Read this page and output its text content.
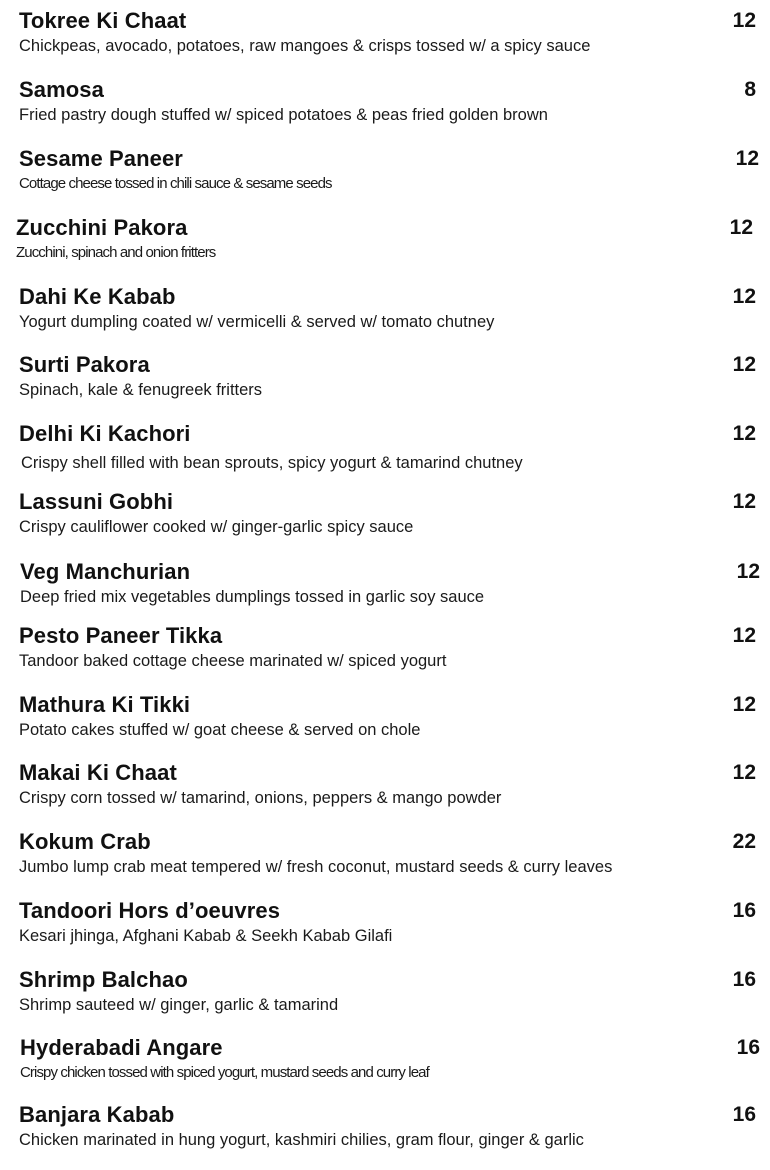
Tokree Ki Chaat	12
Chickpeas, avocado, potatoes, raw mangoes & crisps tossed w/ a spicy sauce
Samosa	8
Fried pastry dough stuffed w/ spiced potatoes & peas fried golden brown
Sesame Paneer	12
Cottage cheese tossed in chili sauce & sesame seeds
Zucchini Pakora	12
Zucchini, spinach and onion fritters
Dahi Ke Kabab	12
Yogurt dumpling coated w/ vermicelli & served w/ tomato chutney
Surti Pakora	12
Spinach, kale & fenugreek fritters
Delhi Ki Kachori	12
Crispy shell filled with bean sprouts, spicy yogurt & tamarind chutney
Lassuni Gobhi	12
Crispy cauliflower cooked w/ ginger-garlic spicy sauce
Veg Manchurian	12
Deep fried mix vegetables dumplings tossed in garlic soy sauce
Pesto Paneer Tikka	12
Tandoor baked cottage cheese marinated w/ spiced yogurt
Mathura Ki Tikki	12
Potato cakes stuffed w/ goat cheese & served on chole
Makai Ki Chaat	12
Crispy corn tossed w/ tamarind, onions, peppers & mango powder
Kokum Crab	22
Jumbo lump crab meat tempered w/ fresh coconut, mustard seeds & curry leaves
Tandoori Hors d’oeuvres	16
Kesari jhinga, Afghani Kabab & Seekh Kabab Gilafi
Shrimp Balchao	16
Shrimp sauteed w/ ginger, garlic & tamarind
Hyderabadi Angare	16
Crispy chicken tossed with spiced yogurt, mustard seeds and curry leaf
Banjara Kabab	16
Chicken marinated in hung yogurt, kashmiri chilies, gram flour, ginger & garlic
